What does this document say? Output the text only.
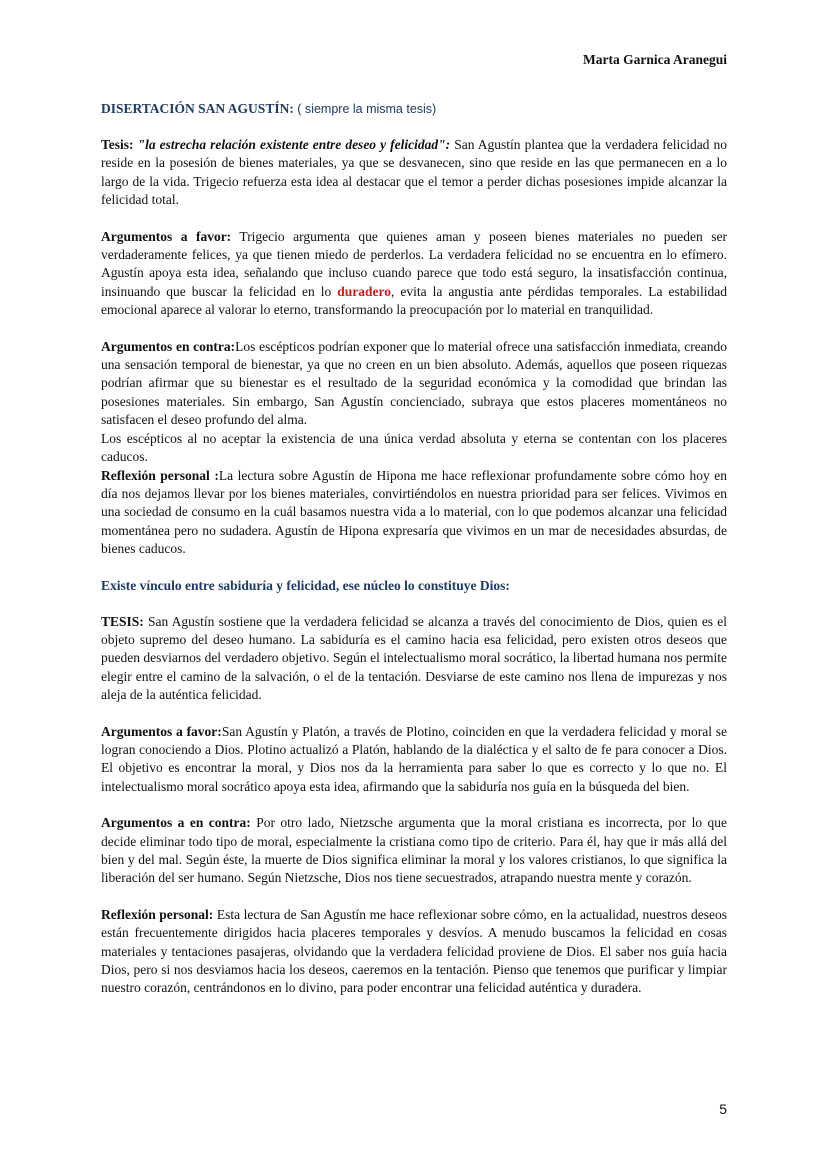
Marta Garnica Aranegui

DISERTACIÓN SAN AGUSTÍN: ( siempre la misma tesis)

Tesis: "la estrecha relación existente entre deseo y felicidad": San Agustín plantea que la verdadera felicidad no reside en la posesión de bienes materiales, ya que se desvanecen, sino que reside en las que permanecen en a lo largo de la vida. Trigecio refuerza esta idea al destacar que el temor a perder dichas posesiones impide alcanzar la felicidad total.

Argumentos a favor: Trigecio argumenta que quienes aman y poseen bienes materiales no pueden ser verdaderamente felices, ya que tienen miedo de perderlos. La verdadera felicidad no se encuentra en lo efímero. Agustín apoya esta idea, señalando que incluso cuando parece que todo está seguro, la insatisfacción continua, insinuando que buscar la felicidad en lo duradero, evita la angustia ante pérdidas temporales. La estabilidad emocional aparece al valorar lo eterno, transformando la preocupación por lo material en tranquilidad.

Argumentos en contra:Los escépticos podrían exponer que lo material ofrece una satisfacción inmediata, creando una sensación temporal de bienestar, ya que no creen en un bien absoluto. Además, aquellos que poseen riquezas podrían afirmar que su bienestar es el resultado de la seguridad económica y la comodidad que brindan las posesiones materiales. Sin embargo, San Agustín concienciado, subraya que estos placeres momentáneos no satisfacen el deseo profundo del alma.

Los escépticos al no aceptar la existencia de una única verdad absoluta y eterna se contentan con los placeres caducos.

Reflexión personal :La lectura sobre Agustín de Hipona me hace reflexionar profundamente sobre cómo hoy en día nos dejamos llevar por los bienes materiales, convirtiéndolos en nuestra prioridad para ser felices. Vivimos en una sociedad de consumo en la cuál basamos nuestra vida a lo material, con lo que podemos alcanzar una felicidad momentánea pero no sudadera. Agustín de Hipona expresaría que vivimos en un mar de necesidades absurdas, de bienes caducos.

Existe vínculo entre sabiduría y felicidad, ese núcleo lo constituye Dios:

TESIS: San Agustín sostiene que la verdadera felicidad se alcanza a través del conocimiento de Dios, quien es el objeto supremo del deseo humano. La sabiduría es el camino hacia esa felicidad, pero existen otros deseos que pueden desviarnos del verdadero objetivo. Según el intelectualismo moral socrático, la libertad humana nos permite elegir entre el camino de la salvación, o el de la tentación. Desviarse de este camino nos llena de impurezas y nos aleja de la auténtica felicidad.

Argumentos a favor:San Agustín y Platón, a través de Plotino, coinciden en que la verdadera felicidad y moral se logran conociendo a Dios. Plotino actualizó a Platón, hablando de la dialéctica y el salto de fe para conocer a Dios. El objetivo es encontrar la moral, y Dios nos da la herramienta para saber lo que es correcto y lo que no. El intelectualismo moral socrático apoya esta idea, afirmando que la sabiduría nos guía en la búsqueda del bien.

Argumentos a en contra: Por otro lado, Nietzsche argumenta que la moral cristiana es incorrecta, por lo que decide eliminar todo tipo de moral, especialmente la cristiana como tipo de criterio. Para él, hay que ir más allá del bien y del mal. Según éste, la muerte de Dios significa eliminar la moral y los valores cristianos, lo que significa la liberación del ser humano. Según Nietzsche, Dios nos tiene secuestrados, atrapando nuestra mente y corazón.

Reflexión personal: Esta lectura de San Agustín me hace reflexionar sobre cómo, en la actualidad, nuestros deseos están frecuentemente dirigidos hacia placeres temporales y desvíos. A menudo buscamos la felicidad en cosas materiales y tentaciones pasajeras, olvidando que la verdadera felicidad proviene de Dios. El saber nos guía hacia Dios, pero si nos desviamos hacia los deseos, caeremos en la tentación. Pienso que tenemos que purificar y limpiar nuestro corazón, centrándonos en lo divino, para poder encontrar una felicidad auténtica y duradera.

5
